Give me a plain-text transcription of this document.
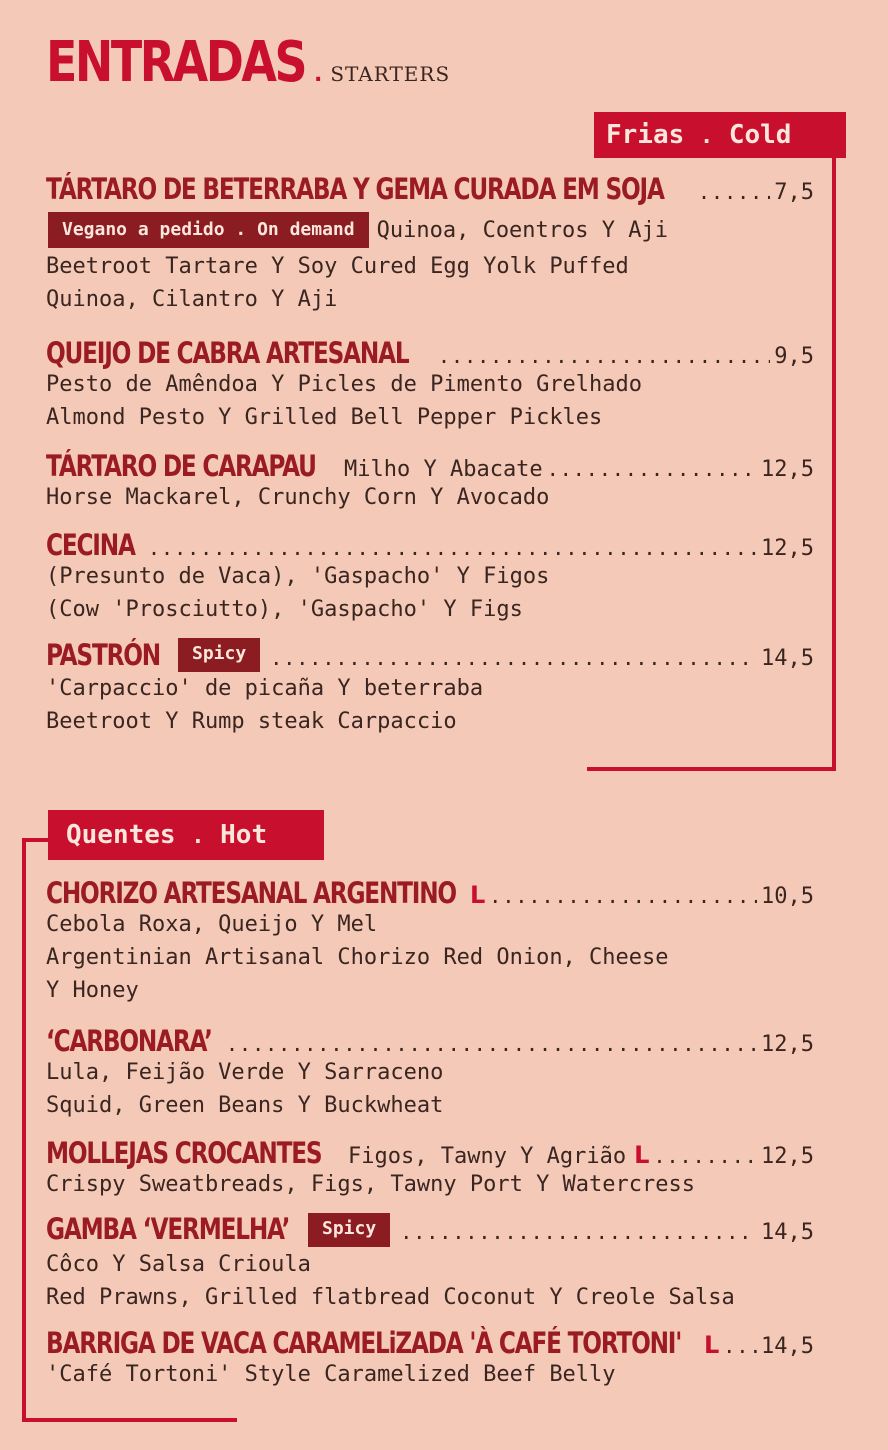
ENTRADAS . STARTERS
Frias . Cold
TÁRTARO DE BETERRABA Y GEMA CURADA EM SOJA .....	7,5
Vegano a pedido . On demand	Quinoa, Coentros Y Aji
Beetroot Tartare Y Soy Cured Egg Yolk Puffed
Quinoa, Cilantro Y Aji
QUEIJO DE CABRA ARTESANAL .....	9,5
Pesto de Amêndoa Y Picles de Pimento Grelhado
Almond Pesto Y Grilled Bell Pepper Pickles
TÁRTARO DE CARAPAU Milho Y Abacate .....	12,5
Horse Mackarel, Crunchy Corn Y Avocado
CECINA .....	12,5
(Presunto de Vaca), 'Gaspacho' Y Figos
(Cow 'Prosciutto), 'Gaspacho' Y Figs
PASTRÓN	Spicy .....	14,5
'Carpaccio' de picaña Y beterraba
Beetroot Y Rump steak Carpaccio
Quentes . Hot
CHORIZO ARTESANAL ARGENTINO L .....	10,5
Cebola Roxa, Queijo Y Mel
Argentinian Artisanal Chorizo Red Onion, Cheese
Y Honey
‘CARBONARA’ .....	12,5
Lula, Feijão Verde Y Sarraceno
Squid, Green Beans Y Buckwheat
MOLLEJAS CROCANTES Figos, Tawny Y Agrião L .....	12,5
Crispy Sweatbreads, Figs, Tawny Port Y Watercress
GAMBA ‘VERMELHA’	Spicy .....	14,5
Côco Y Salsa Crioula
Red Prawns, Grilled flatbread Coconut Y Creole Salsa
BARRIGA DE VACA CARAMELiZADA 'À CAFÉ TORTONI' L ..... 14,5
'Café Tortoni' Style Caramelized Beef Belly
